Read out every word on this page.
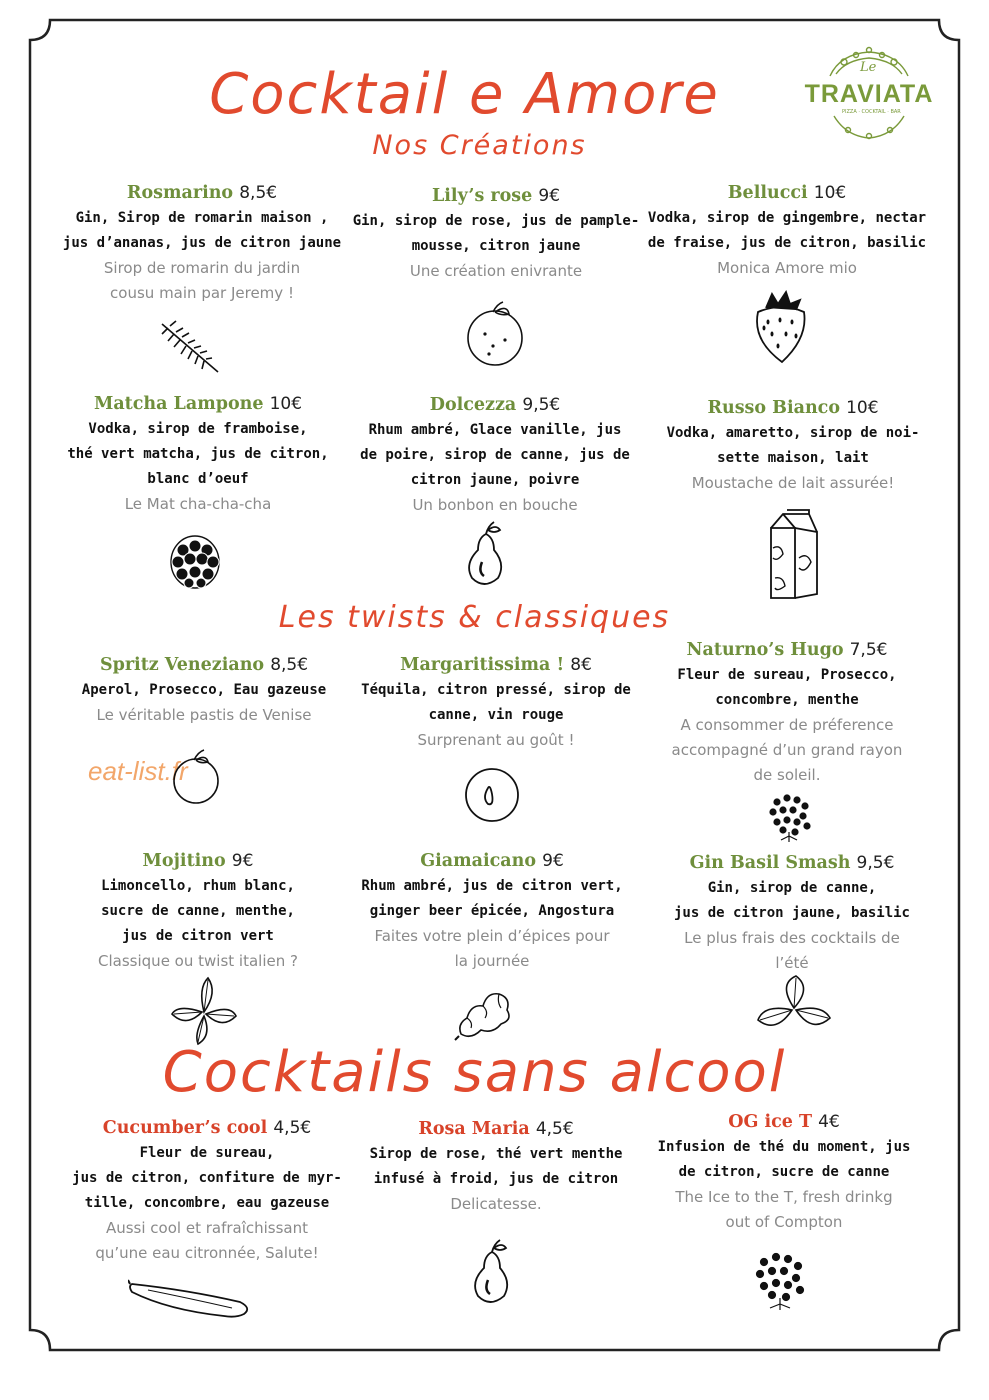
Cocktail e Amore
Nos Créations
Les twists & classiques
Cocktails sans alcool
Le
TRAVIATA
PIZZA · COCKTAIL · BAR
Rosmarino 8,5€
Gin, Sirop de romarin maison ,
jus d’ananas, jus de citron jaune
Sirop de romarin du jardin
cousu main par Jeremy !
Lily’s rose 9€
Gin, sirop de rose, jus de pample-
mousse, citron jaune
Une création enivrante
Bellucci 10€
Vodka, sirop de gingembre, nectar
de fraise, jus de citron, basilic
Monica Amore mio
Matcha Lampone 10€
Vodka, sirop de framboise,
thé vert matcha, jus de citron,
blanc d’oeuf
Le Mat cha-cha-cha
Dolcezza 9,5€
Rhum ambré, Glace vanille, jus
de poire, sirop de canne, jus de
citron jaune, poivre
Un bonbon en bouche
Russo Bianco 10€
Vodka, amaretto, sirop de noi-
sette maison, lait
Moustache de lait assurée!
Spritz Veneziano 8,5€
Aperol, Prosecco, Eau gazeuse
Le véritable pastis de Venise
Margaritissima ! 8€
Téquila, citron pressé, sirop de
canne, vin rouge
Surprenant au goût !
Naturno’s Hugo 7,5€
Fleur de sureau, Prosecco,
concombre, menthe
A consommer de préference
accompagné d’un grand rayon
de soleil.
Mojitino 9€
Limoncello, rhum blanc,
sucre de canne, menthe,
jus de citron vert
Classique ou twist italien ?
Giamaicano 9€
Rhum ambré, jus de citron vert,
ginger beer épicée, Angostura
Faites votre plein d’épices pour
la journée
Gin Basil Smash 9,5€
Gin, sirop de canne,
jus de citron jaune, basilic
Le plus frais des cocktails de
l’été
Cucumber’s cool 4,5€
Fleur de sureau,
jus de citron, confiture de myr-
tille, concombre, eau gazeuse
Aussi cool et rafraîchissant
qu’une eau citronnée, Salute!
Rosa Maria 4,5€
Sirop de rose, thé vert menthe
infusé à froid, jus de citron
Delicatesse.
OG ice T 4€
Infusion de thé du moment, jus
de citron, sucre de canne
The Ice to the T, fresh drinkg
out of Compton
eat-list.fr
